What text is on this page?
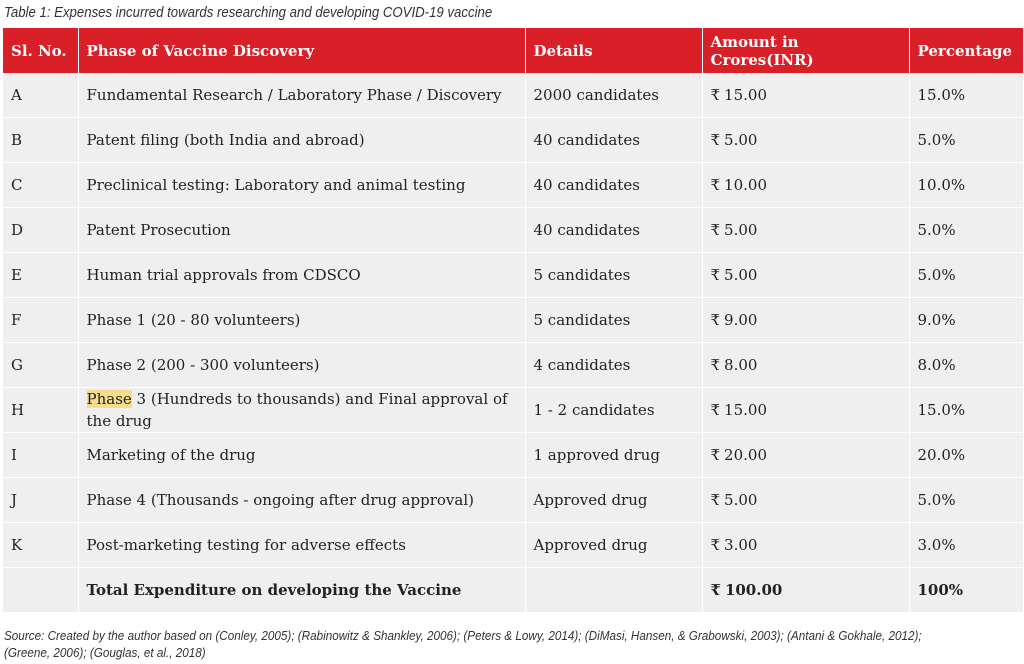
Table 1: Expenses incurred towards researching and developing COVID-19 vaccine
Sl. No.	Phase of Vaccine Discovery	Details	Amount in Crores(INR)	Percentage
A	Fundamental Research / Laboratory Phase / Discovery	2000 candidates	₹ 15.00	15.0%
B	Patent filing (both India and abroad)	40 candidates	₹ 5.00	5.0%
C	Preclinical testing: Laboratory and animal testing	40 candidates	₹ 10.00	10.0%
D	Patent Prosecution	40 candidates	₹ 5.00	5.0%
E	Human trial approvals from CDSCO	5 candidates	₹ 5.00	5.0%
F	Phase 1 (20 - 80 volunteers)	5 candidates	₹ 9.00	9.0%
G	Phase 2 (200 - 300 volunteers)	4 candidates	₹ 8.00	8.0%
H	Phase 3 (Hundreds to thousands) and Final approval of the drug	1 - 2 candidates	₹ 15.00	15.0%
I	Marketing of the drug	1 approved drug	₹ 20.00	20.0%
J	Phase 4 (Thousands - ongoing after drug approval)	Approved drug	₹ 5.00	5.0%
K	Post-marketing testing for adverse effects	Approved drug	₹ 3.00	3.0%
	Total Expenditure on developing the Vaccine		₹ 100.00	100%
Source: Created by the author based on (Conley, 2005); (Rabinowitz & Shankley, 2006); (Peters & Lowy, 2014); (DiMasi, Hansen, & Grabowski, 2003); (Antani & Gokhale, 2012); (Greene, 2006); (Gouglas, et al., 2018)
